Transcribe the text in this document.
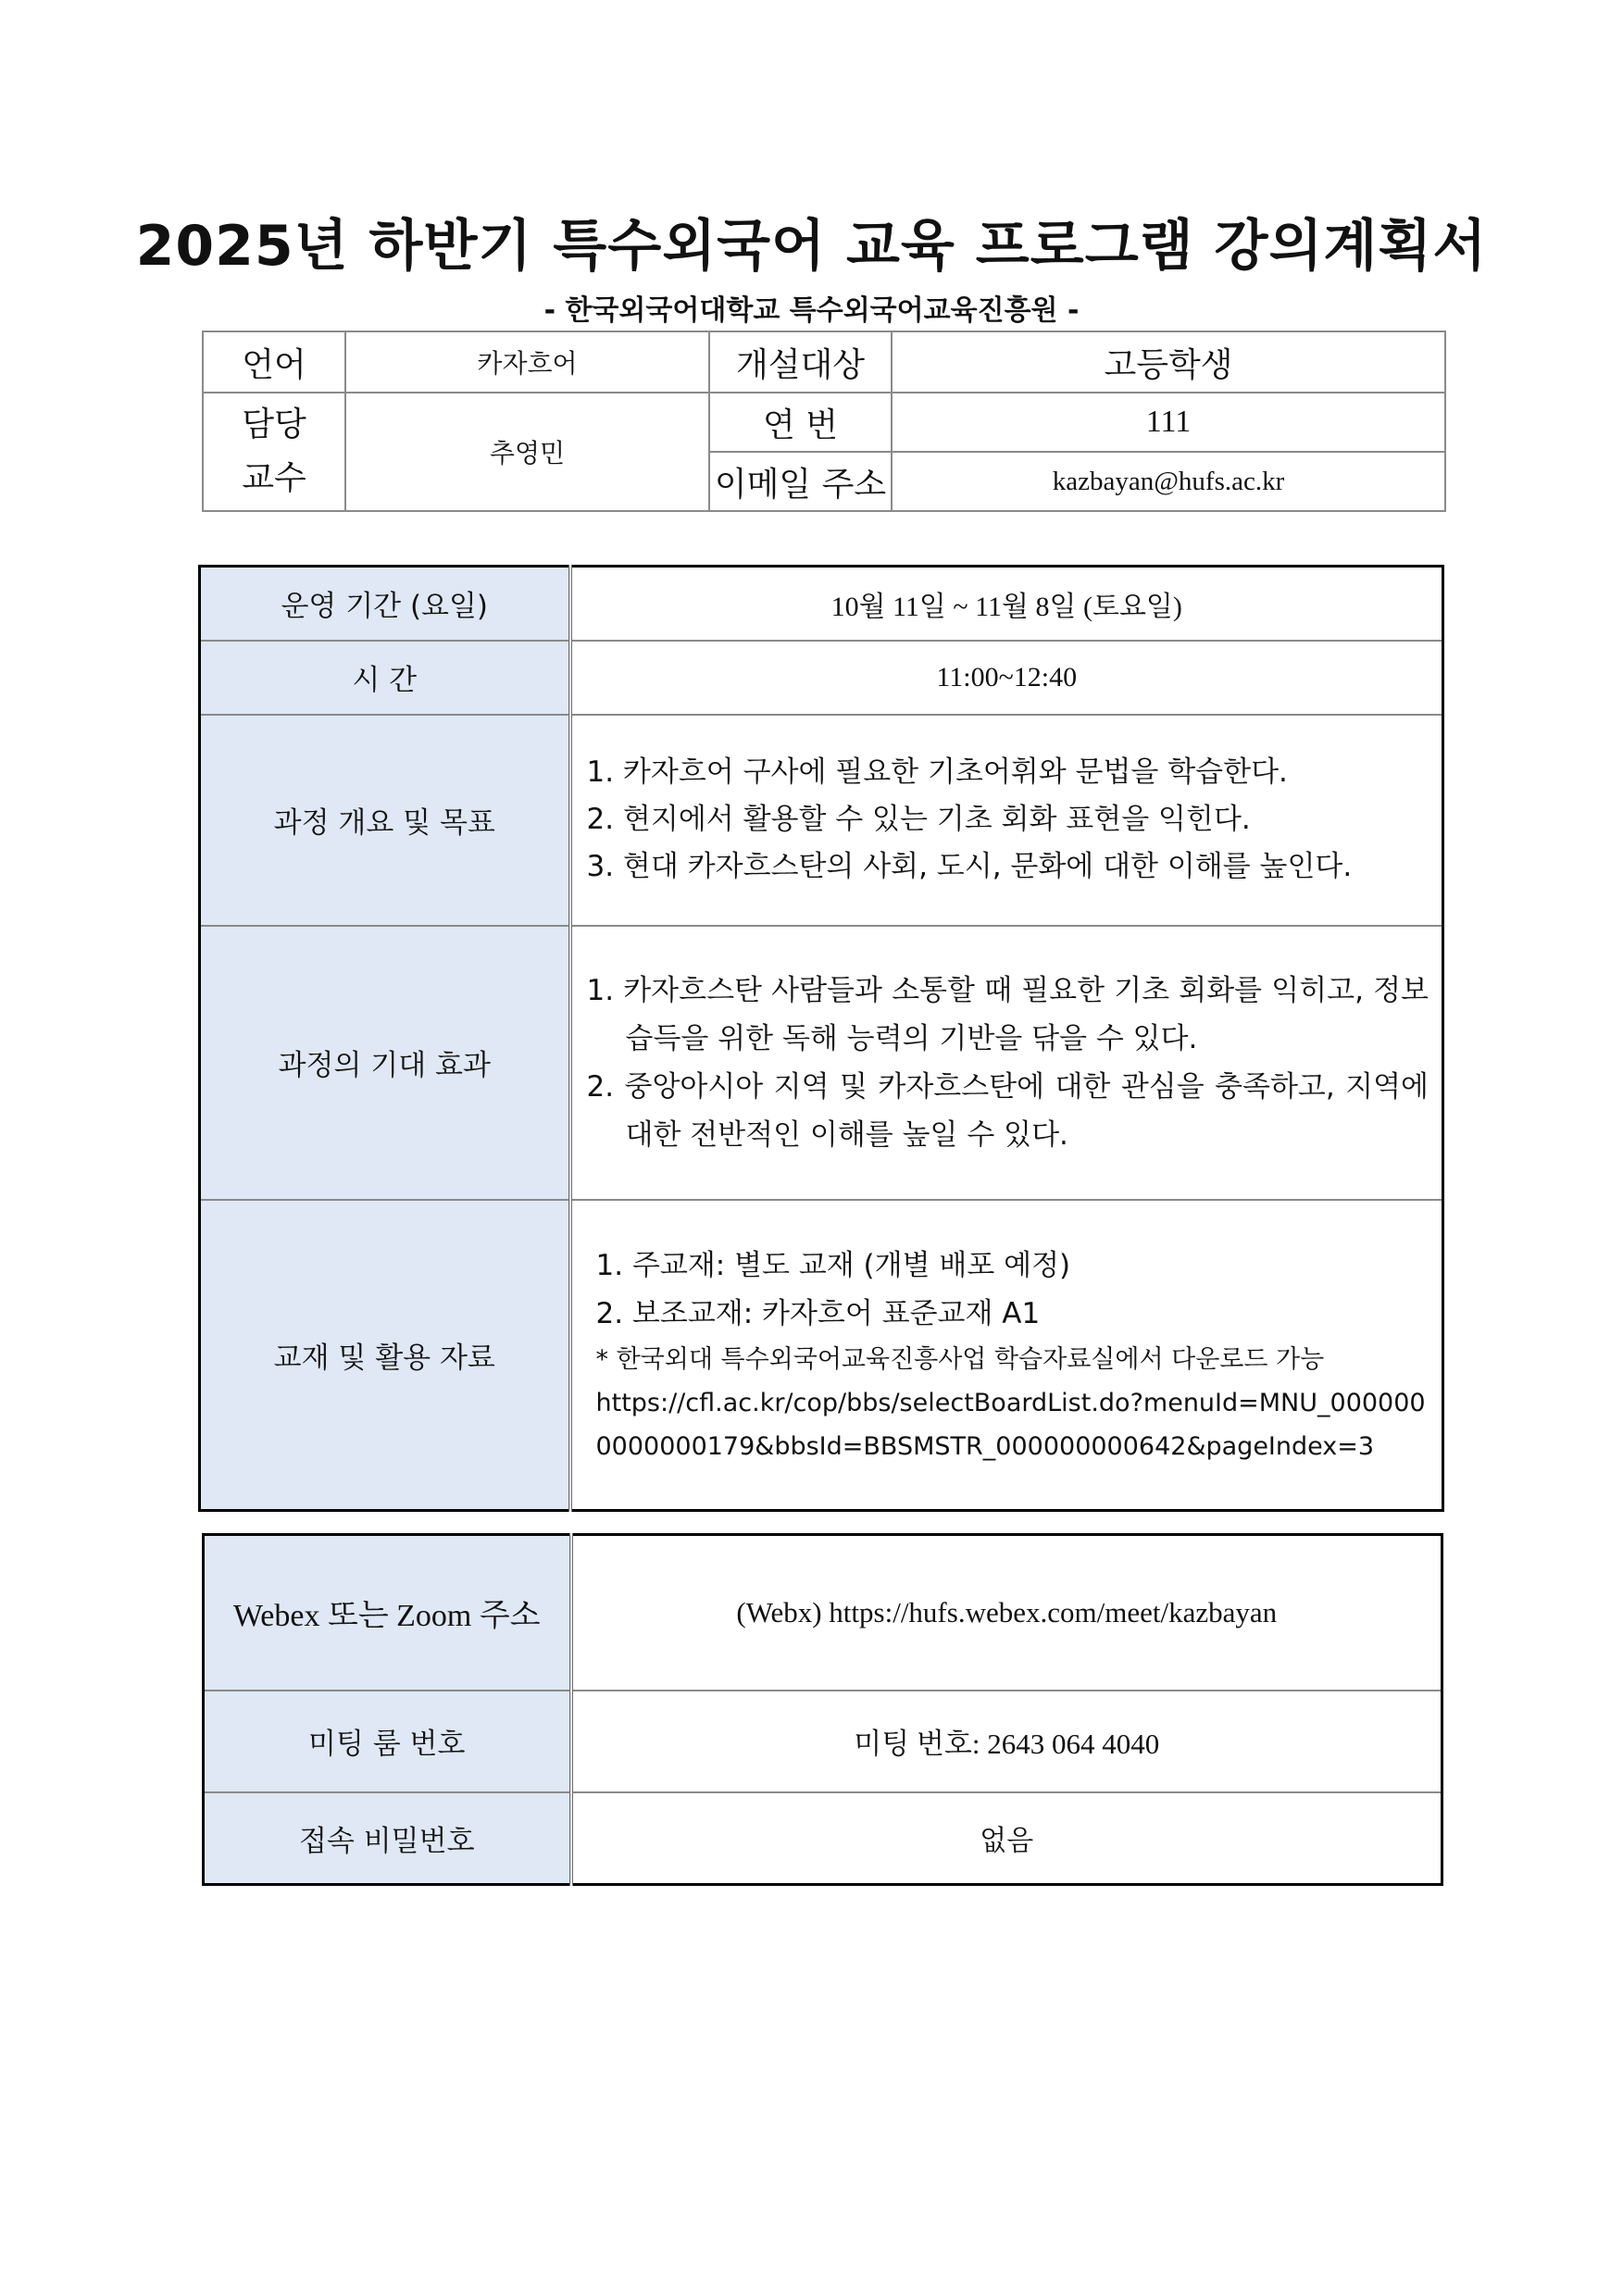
2025년 하반기 특수외국어 교육 프로그램 강의계획서
- 한국외국어대학교 특수외국어교육진흥원 -
언어	카자흐어	개설대상	고등학생
담당
교수	추영민	연 번	111
		이메일 주소	kazbayan@hufs.ac.kr
운영 기간 (요일)	10월 11일 ~ 11월 8일 (토요일)
시 간	11:00~12:40
과정 개요 및 목표	1. 카자흐어 구사에 필요한 기초어휘와 문법을 학습한다.
2. 현지에서 활용할 수 있는 기초 회화 표현을 익힌다.
3. 현대 카자흐스탄의 사회, 도시, 문화에 대한 이해를 높인다.

과정의 기대 효과	1. 카자흐스탄 사람들과 소통할 때 필요한 기초 회화를 익히고, 정보 습득을 위한 독해 능력의 기반을 닦을 수 있다.
2. 중앙아시아 지역 및 카자흐스탄에 대한 관심을 충족하고, 지역에 대한 전반적인 이해를 높일 수 있다.

교재 및 활용 자료	1. 주교재: 별도 교재 (개별 배포 예정)
2. 보조교재: 카자흐어 표준교재 A1
* 한국외대 특수외국어교육진흥사업 학습자료실에서 다운로드 가능
https://cfl.ac.kr/cop/bbs/selectBoardList.do?menuId=MNU_0000000000000179&bbsId=BBSMSTR_000000000642&pageIndex=3
Webex 또는 Zoom 주소	(Webx) https://hufs.webex.com/meet/kazbayan
미팅 룸 번호	미팅 번호: 2643 064 4040
접속 비밀번호	없음
